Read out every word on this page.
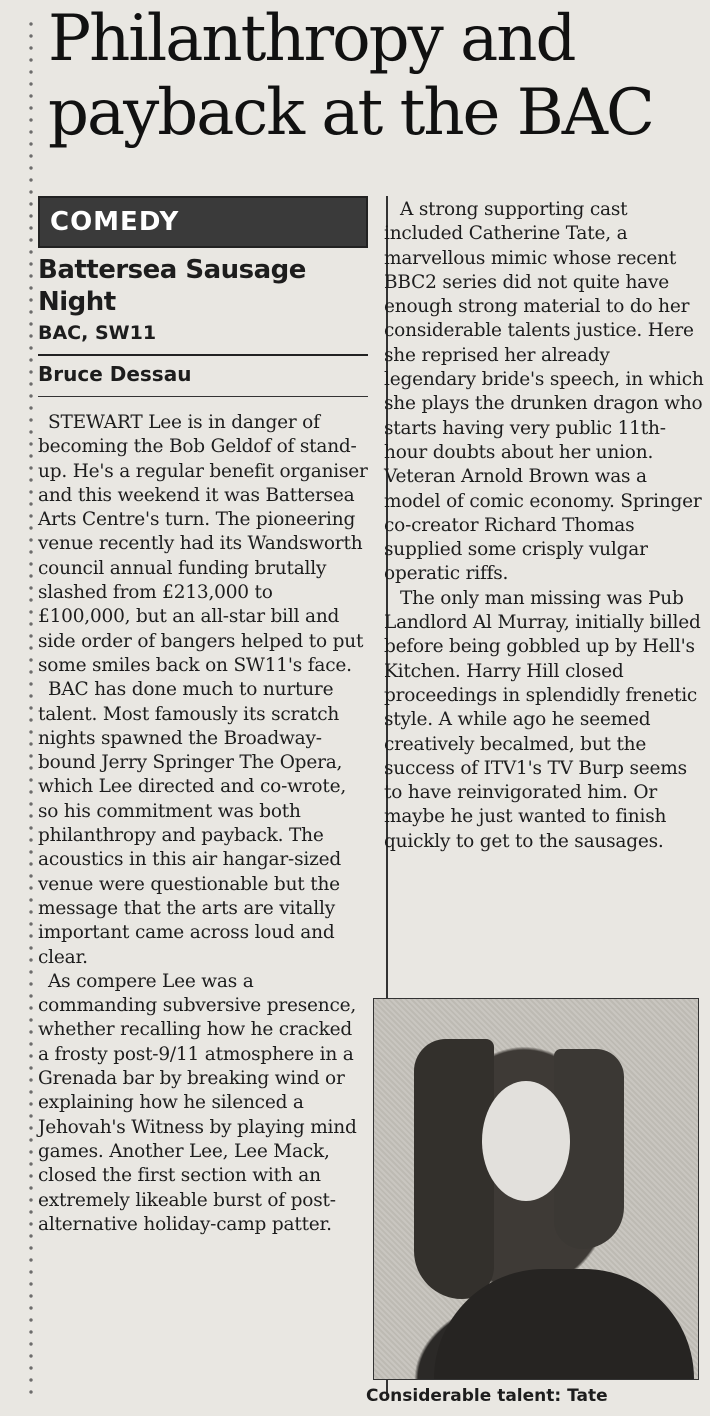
Philanthropy and payback at the BAC
COMEDY
Battersea Sausage Night
BAC, SW11
Bruce Dessau

STEWART Lee is in danger of becoming the Bob Geldof of stand-up. He's a regular benefit organiser and this weekend it was Battersea Arts Centre's turn. The pioneering venue recently had its Wandsworth council annual funding brutally slashed from £213,000 to £100,000, but an all-star bill and side order of bangers helped to put some smiles back on SW11's face.

BAC has done much to nurture talent. Most famously its scratch nights spawned the Broadway-bound Jerry Springer The Opera, which Lee directed and co-wrote, so his commitment was both philanthropy and payback. The acoustics in this air hangar-sized venue were questionable but the message that the arts are vitally important came across loud and clear.

As compere Lee was a commanding subversive presence, whether recalling how he cracked a frosty post-9/11 atmosphere in a Grenada bar by breaking wind or explaining how he silenced a Jehovah's Witness by playing mind games. Another Lee, Lee Mack, closed the first section with an extremely likeable burst of post-alternative holiday-camp patter.

A strong supporting cast included Catherine Tate, a marvellous mimic whose recent BBC2 series did not quite have enough strong material to do her considerable talents justice. Here she reprised her already legendary bride's speech, in which she plays the drunken dragon who starts having very public 11th-hour doubts about her union. Veteran Arnold Brown was a model of comic economy. Springer co-creator Richard Thomas supplied some crisply vulgar operatic riffs.

The only man missing was Pub Landlord Al Murray, initially billed before being gobbled up by Hell's Kitchen. Harry Hill closed proceedings in splendidly frenetic style. A while ago he seemed creatively becalmed, but the success of ITV1's TV Burp seems to have reinvigorated him. Or maybe he just wanted to finish quickly to get to the sausages.

Considerable talent: Tate
